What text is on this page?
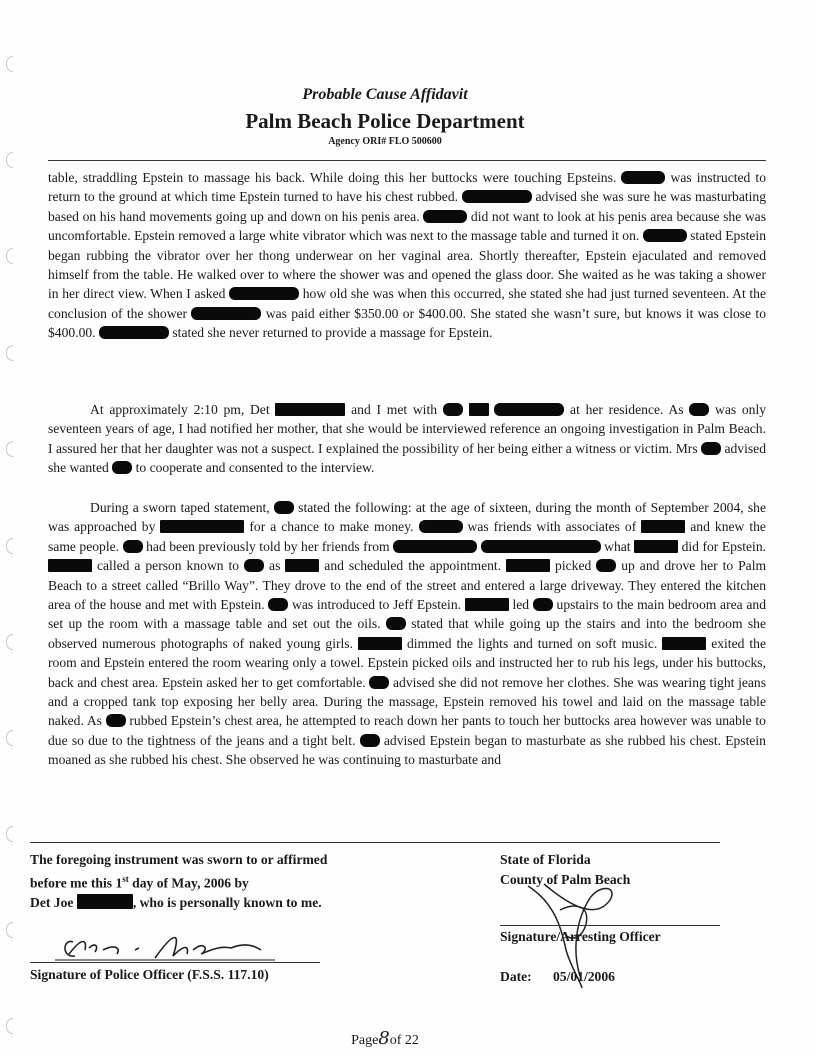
Probable Cause Affidavit
Palm Beach Police Department
Agency ORI# FLO 500600

table, straddling Epstein to massage his back. While doing this her buttocks were touching Epsteins.	was instructed to return to the ground at which time Epstein turned to have his chest rubbed.	advised she was sure he was masturbating based on his hand movements going up and down on his penis area.	did not want to look at his penis area because she was uncomfortable. Epstein removed a large white vibrator which was next to the massage table and turned it on.	stated Epstein began rubbing the vibrator over her thong underwear on her vaginal area. Shortly thereafter, Epstein ejaculated and removed himself from the table. He walked over to where the shower was and opened the glass door. She waited as he was taking a shower in her direct view. When I asked	how old she was when this occurred, she stated she had just turned seventeen. At the conclusion of the shower	was paid either $350.00 or $400.00. She stated she wasn’t sure, but knows it was close to $400.00.	stated she never returned to provide a massage for Epstein.

At approximately 2:10 pm, Det	and I met with	at her residence. As was only seventeen years of age, I had notified her mother, that she would be interviewed reference an ongoing investigation in Palm Beach. I assured her that her daughter was not a suspect. I explained the possibility of her being either a witness or victim. Mrs advised she wanted to cooperate and consented to the interview.

During a sworn taped statement, stated the following: at the age of sixteen, during the month of September 2004, she was approached by	for a chance to make money.	was friends with associates of	and knew the same people. had been previously told by her friends from	what	did for Epstein.  called a person known to as	and scheduled the appointment.	picked up and drove her to Palm Beach to a street called “Brillo Way”. They drove to the end of the street and entered a large driveway. They entered the kitchen area of the house and met with Epstein. was introduced to Jeff Epstein.	led upstairs to the main bedroom area and set up the room with a massage table and set out the oils. stated that while going up the stairs and into the bedroom she observed numerous photographs of naked young girls.	dimmed the lights and turned on soft music.	exited the room and Epstein entered the room wearing only a towel. Epstein picked oils and instructed her to rub his legs, under his buttocks, back and chest area. Epstein asked her to get comfortable. advised she did not remove her clothes. She was wearing tight jeans and a cropped tank top exposing her belly area. During the massage, Epstein removed his towel and laid on the massage table naked. As rubbed Epstein’s chest area, he attempted to reach down her pants to touch her buttocks area however was unable to due so due to the tightness of the jeans and a tight belt. advised Epstein began to masturbate as she rubbed his chest. Epstein moaned as she rubbed his chest. She observed he was continuing to masturbate and

The foregoing instrument was sworn to or affirmed
before me this 1st day of May, 2006 by
Det Joe	, who is personally known to me.
State of Florida
County of Palm Beach
Signature of Police Officer (F.S.S. 117.10)
Signature/Arresting Officer
Date: 05/01/2006
Page8of 22
